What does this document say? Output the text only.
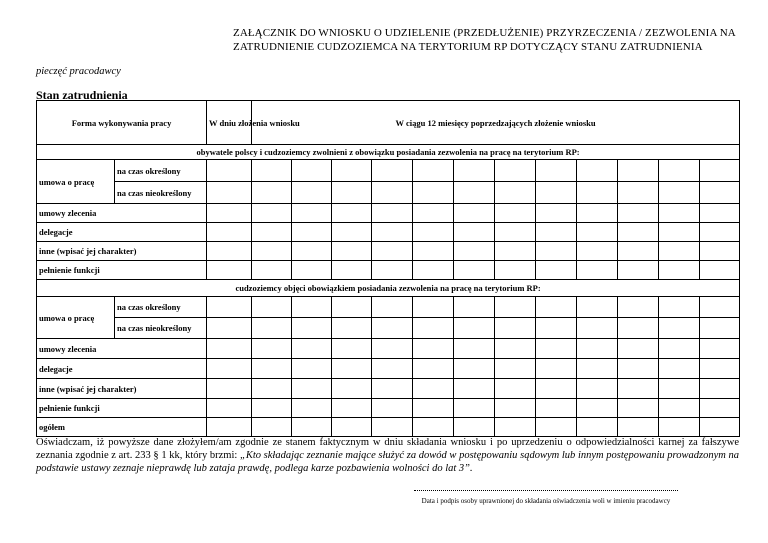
ZAŁĄCZNIK DO WNIOSKU O UDZIELENIE (PRZEDŁUŻENIE) PRZYRZECZENIA / ZEZWOLENIA NA
ZATRUDNIENIE CUDZOZIEMCA NA TERYTORIUM RP DOTYCZĄCY STANU ZATRUDNIENIA
pieczęć pracodawcy
Stan zatrudnienia
Forma wykonywania pracy		W dniu złożenia wniosku	W ciągu 12 miesięcy poprzedzających złożenie wniosku											
obywatele polscy i cudzoziemcy zwolnieni z obowiązku posiadania zezwolenia na pracę na terytorium RP:														
umowa o pracę	na czas określony													
	na czas nieokreślony													
umowy zlecenia														
delegacje														
inne (wpisać jej charakter)														
pełnienie funkcji														
cudzoziemcy objęci obowiązkiem posiadania zezwolenia na pracę na terytorium RP:														
umowa o pracę	na czas określony													
	na czas nieokreślony													
umowy zlecenia														
delegacje														
inne (wpisać jej charakter)														
pełnienie funkcji														
ogółem														
Oświadczam, iż powyższe dane złożyłem/am zgodnie ze stanem faktycznym w dniu składania wniosku i po uprzedzeniu o odpowiedzialności karnej za fałszywe zeznania zgodnie z art. 233 § 1 kk, który brzmi: „Kto składając zeznanie mające służyć za dowód w postępowaniu sądowym lub innym postępowaniu prowadzonym na podstawie ustawy zeznaje nieprawdę lub zataja prawdę, podlega karze pozbawienia wolności do lat 3”.
Data i podpis osoby uprawnionej do składania oświadczenia woli w imieniu pracodawcy
